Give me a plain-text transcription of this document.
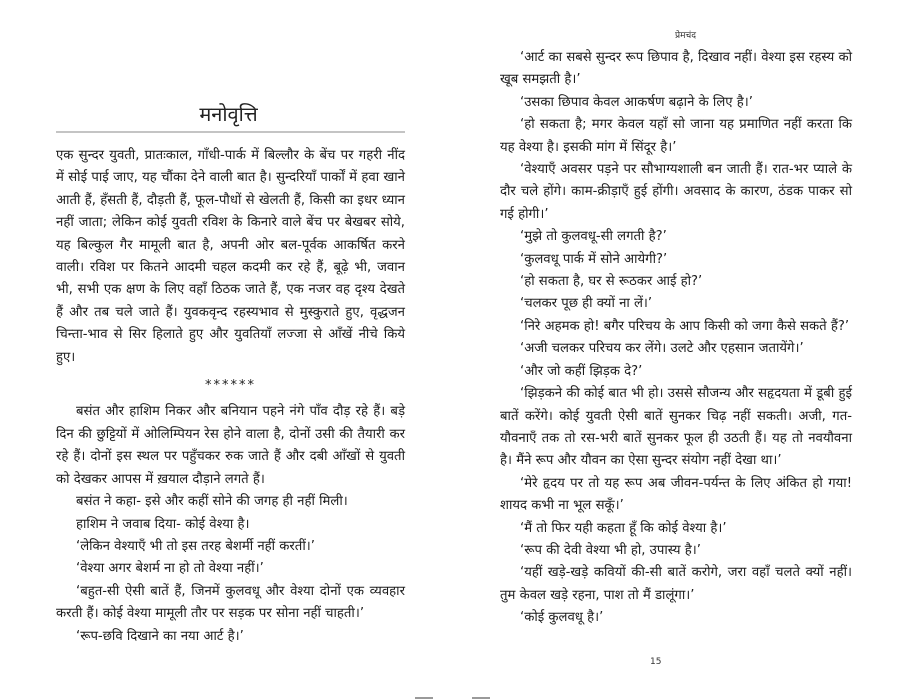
मनोवृत्ति

एक सुन्दर युवती, प्रातःकाल, गाँधी-पार्क में बिल्लौर के बेंच पर गहरी नींद में सोई पाई जाए, यह चौंका देने वाली बात है। सुन्दरियाँ पार्कों में हवा खाने आती हैं, हँसती हैं, दौड़ती हैं, फूल-पौधों से खेलती हैं, किसी का इधर ध्यान नहीं जाता; लेकिन कोई युवती रविश के किनारे वाले बेंच पर बेखबर सोये, यह बिल्कुल गैर मामूली बात है, अपनी ओर बल-पूर्वक आकर्षित करने वाली। रविश पर कितने आदमी चहल कदमी कर रहे हैं, बूढ़े भी, जवान भी, सभी एक क्षण के लिए वहाँ ठिठक जाते हैं, एक नजर वह दृश्य देखते हैं और तब चले जाते हैं। युवकवृन्द रहस्यभाव से मुस्कुराते हुए, वृद्धजन चिन्ता-भाव से सिर हिलाते हुए और युवतियाँ लज्जा से आँखें नीचे किये हुए।

******

बसंत और हाशिम निकर और बनियान पहने नंगे पाँव दौड़ रहे हैं। बड़े दिन की छुट्टियों में ओलिम्पियन रेस होने वाला है, दोनों उसी की तैयारी कर रहे हैं। दोनों इस स्थल पर पहुँचकर रुक जाते हैं और दबी आँखों से युवती को देखकर आपस में ख़याल दौड़ाने लगते हैं।

बसंत ने कहा- इसे और कहीं सोने की जगह ही नहीं मिली।

हाशिम ने जवाब दिया- कोई वेश्या है।

‘लेकिन वेश्याएँ भी तो इस तरह बेशर्मी नहीं करतीं।’

‘वेश्या अगर बेशर्म ना हो तो वेश्या नहीं।’

‘बहुत-सी ऐसी बातें हैं, जिनमें कुलवधू और वेश्या दोनों एक व्यवहार करती हैं। कोई वेश्या मामूली तौर पर सड़क पर सोना नहीं चाहती।’

‘रूप-छवि दिखाने का नया आर्ट है।’

प्रेमचंद

‘आर्ट का सबसे सुन्दर रूप छिपाव है, दिखाव नहीं। वेश्या इस रहस्य को खूब समझती है।’

‘उसका छिपाव केवल आकर्षण बढ़ाने के लिए है।’

‘हो सकता है; मगर केवल यहाँ सो जाना यह प्रमाणित नहीं करता कि यह वेश्या है। इसकी मांग में सिंदूर है।’

‘वेश्याएँ अवसर पड़ने पर सौभाग्यशाली बन जाती हैं। रात-भर प्याले के दौर चले होंगे। काम-क्रीड़ाएँ हुई होंगी। अवसाद के कारण, ठंडक पाकर सो गई होगी।’

‘मुझे तो कुलवधू-सी लगती है?’

‘कुलवधू पार्क में सोने आयेगी?’

‘हो सकता है, घर से रूठकर आई हो?’

‘चलकर पूछ ही क्यों ना लें।’

‘निरे अहमक हो! बगैर परिचय के आप किसी को जगा कैसे सकते हैं?’

‘अजी चलकर परिचय कर लेंगे। उलटे और एहसान जतायेंगे।’

‘और जो कहीं झिड़क दे?’

‘झिड़कने की कोई बात भी हो। उससे सौजन्य और सहृदयता में डूबी हुई बातें करेंगे। कोई युवती ऐसी बातें सुनकर चिढ़ नहीं सकती। अजी, गत-यौवनाएँ तक तो रस-भरी बातें सुनकर फूल ही उठती हैं। यह तो नवयौवना है। मैंने रूप और यौवन का ऐसा सुन्दर संयोग नहीं देखा था।’

‘मेरे हृदय पर तो यह रूप अब जीवन-पर्यन्त के लिए अंकित हो गया! शायद कभी ना भूल सकूँ।’

‘मैं तो फिर यही कहता हूँ कि कोई वेश्या है।’

‘रूप की देवी वेश्या भी हो, उपास्य है।’

‘यहीं खड़े-खड़े कवियों की-सी बातें करोगे, जरा वहाँ चलते क्यों नहीं। तुम केवल खड़े रहना, पाश तो मैं डालूंगा।’

‘कोई कुलवधू है।’

15
